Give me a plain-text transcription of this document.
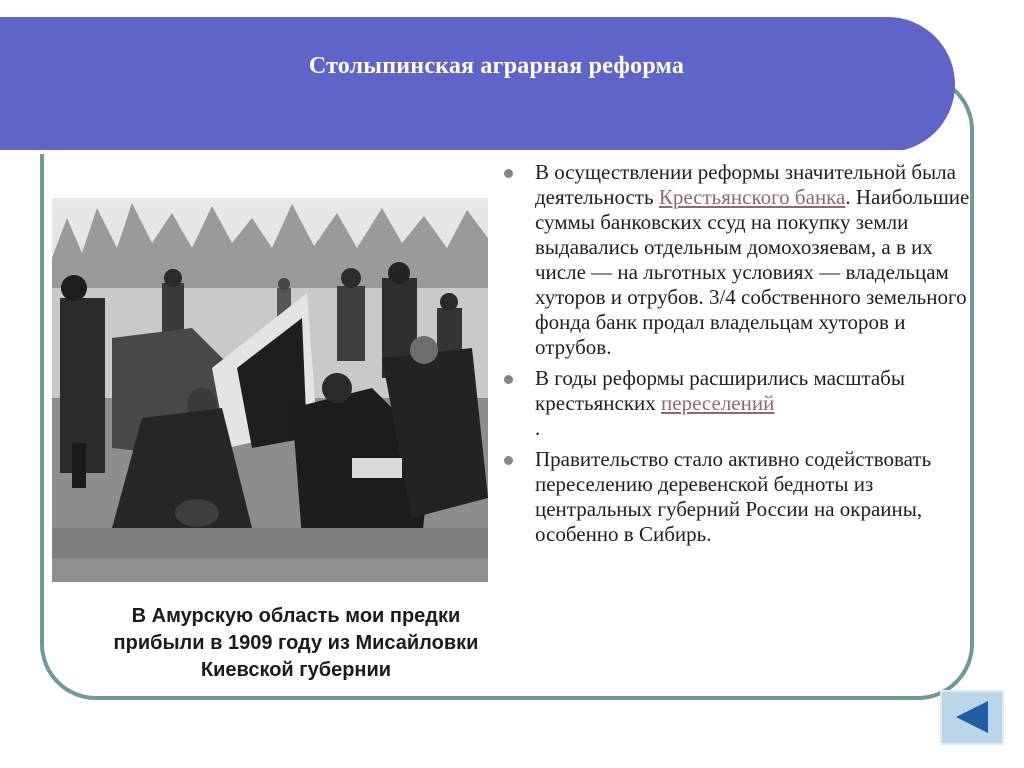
Столыпинская аграрная реформа
В Амурскую область мои предки прибыли в 1909 году из Мисайловки Киевской губернии
В осуществлении реформы значительной была деятельность Крестьянского банка. Наибольшие суммы банковских ссуд на покупку земли выдавались отдельным домохозяевам, а в их числе — на льготных условиях — владельцам хуторов и отрубов. 3/4 собственного земельного фонда банк продал владельцам хуторов и отрубов.
В годы реформы расширились масштабы крестьянских переселений
.
Правительство стало активно содействовать переселению деревенской бедноты из центральных губерний России на окраины, особенно в Сибирь.
